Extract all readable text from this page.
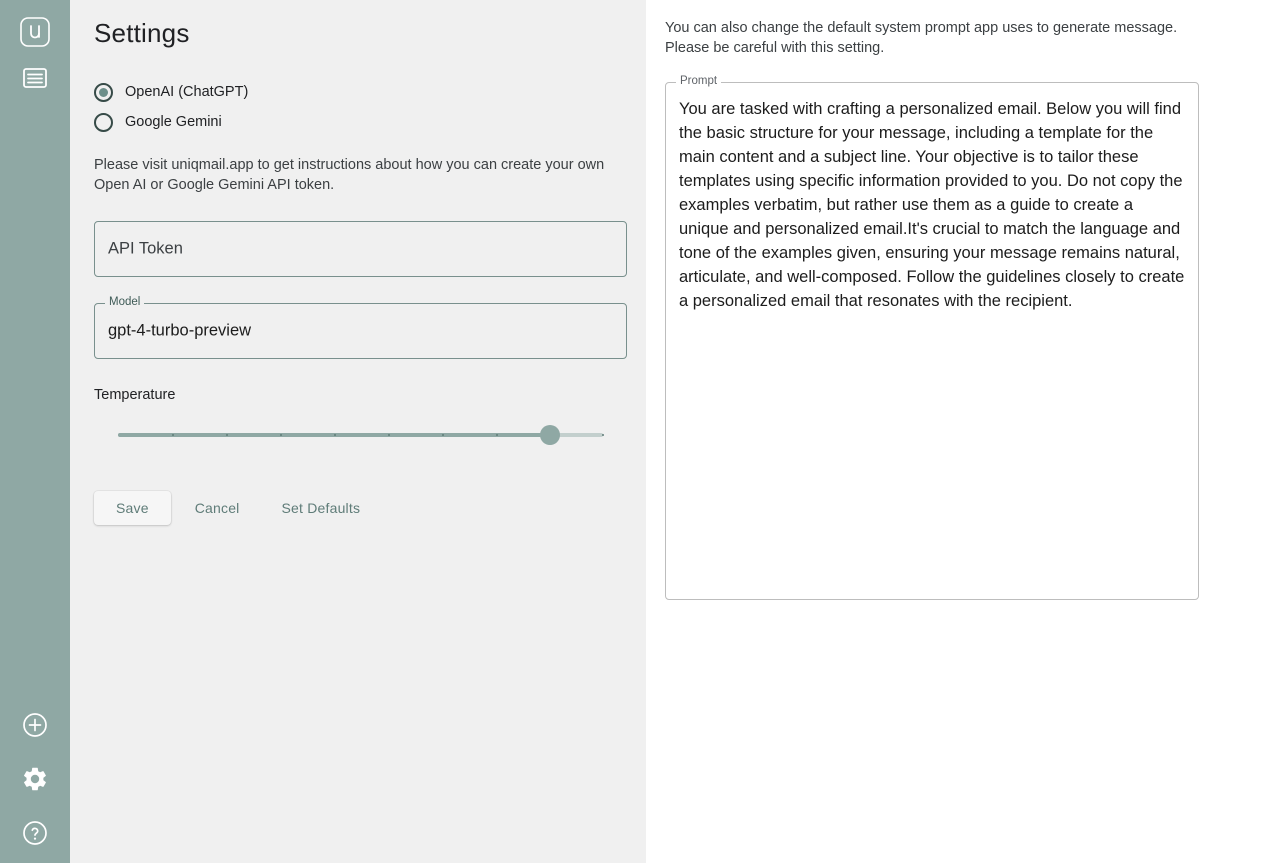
Settings
OpenAI (ChatGPT)
Google Gemini
Please visit uniqmail.app to get instructions about how you can create your own Open AI or Google Gemini API token.
API Token
Model
gpt-4-turbo-preview
Temperature
Save	Cancel	Set Defaults
You can also change the default system prompt app uses to generate message. Please be careful with this setting.
Prompt
You are tasked with crafting a personalized email. Below you will find the basic structure for your message, including a template for the main content and a subject line. Your objective is to tailor these templates using specific information provided to you. Do not copy the examples verbatim, but rather use them as a guide to create a unique and personalized email.It's crucial to match the language and tone of the examples given, ensuring your message remains natural, articulate, and well-composed. Follow the guidelines closely to create a personalized email that resonates with the recipient.
